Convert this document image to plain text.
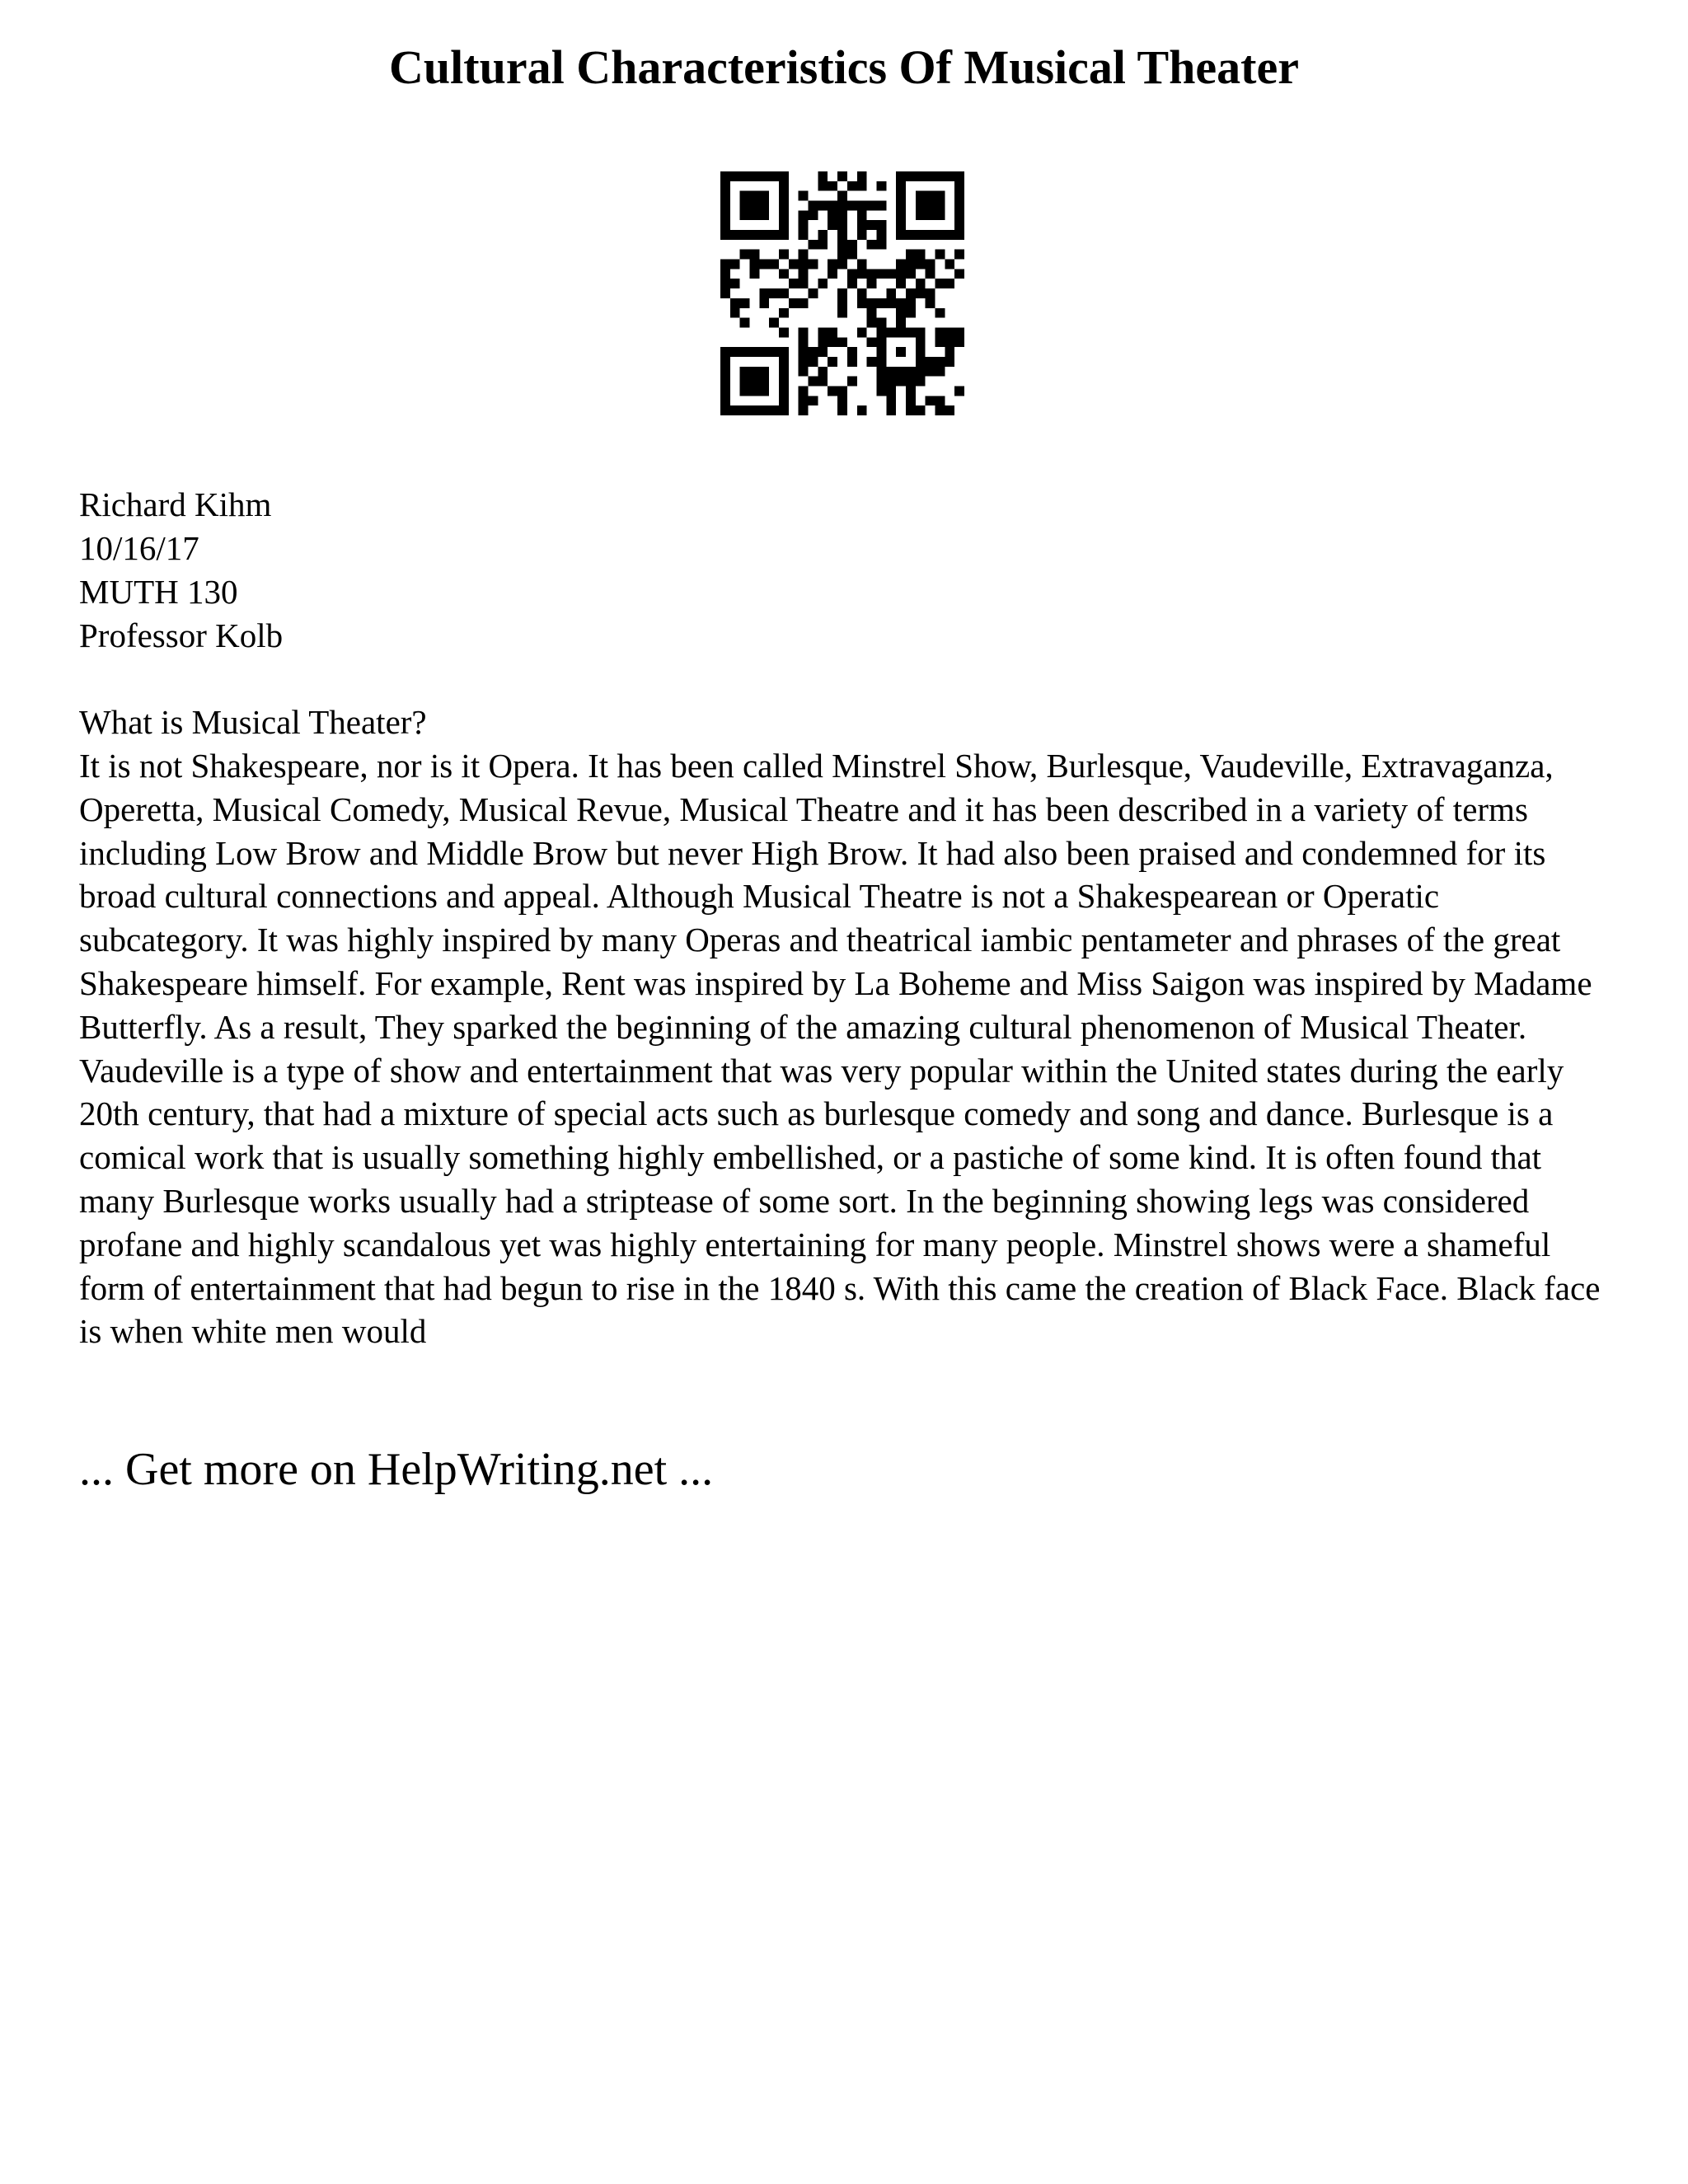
Cultural Characteristics Of Musical Theater
Richard Kihm
10/16/17
MUTH 130
Professor Kolb
What is Musical Theater?

It is not Shakespeare, nor is it Opera. It has been called Minstrel Show, Burlesque, Vaudeville, Extravaganza, Operetta, Musical Comedy, Musical Revue, Musical Theatre and it has been described in a variety of terms including Low Brow and Middle Brow but never High Brow. It had also been praised and condemned for its broad cultural connections and appeal. Although Musical Theatre is not a Shakespearean or Operatic subcategory. It was highly inspired by many Operas and theatrical iambic pentameter and phrases of the great Shakespeare himself. For example, Rent was inspired by La Boheme and Miss Saigon was inspired by Madame Butterfly. As a result, They sparked the beginning of the amazing cultural phenomenon of Musical Theater. Vaudeville is a type of show and entertainment that was very popular within the United states during the early 20th century, that had a mixture of special acts such as burlesque comedy and song and dance. Burlesque is a comical work that is usually something highly embellished, or a pastiche of some kind. It is often found that many Burlesque works usually had a striptease of some sort. In the beginning showing legs was considered profane and highly scandalous yet was highly entertaining for many people. Minstrel shows were a shameful form of entertainment that had begun to rise in the 1840 s. With this came the creation of Black Face. Black face is when white men would

... Get more on HelpWriting.net ...
